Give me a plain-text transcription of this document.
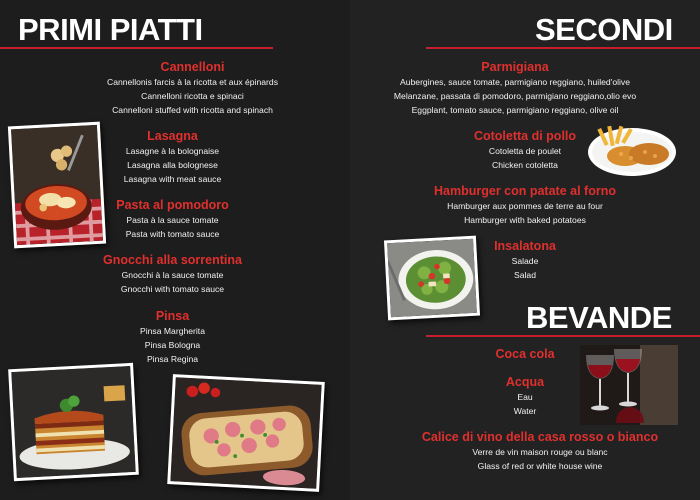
PRIMI PIATTI
Cannelloni
Cannellonis farcis à la ricotta et aux épinards
Cannelloni ricotta e spinaci
Cannelloni stuffed with ricotta and spinach
Lasagna
Lasagne à la bolognaise
Lasagna alla bolognese
Lasagna with meat sauce
Pasta al pomodoro
Pasta à la sauce tomate
Pasta with tomato sauce
Gnocchi alla sorrentina
Gnocchi à la sauce tomate
Gnocchi with tomato sauce
Pinsa
Pinsa Margherita
Pinsa Bologna
Pinsa Regina
SECONDI
Parmigiana
Aubergines, sauce tomate, parmigiano reggiano, huiled'olive
Melanzane, passata di pomodoro, parmigiano reggiano,olio evo
Eggplant, tomato sauce, parmigiano reggiano, olive oil
Cotoletta di pollo
Cotoletta de poulet
Chicken cotoletta
Hamburger con patate al forno
Hamburger aux pommes de terre au four
Hamburger with baked potatoes
Insalatona
Salade
Salad
BEVANDE
Coca cola
Acqua
Eau
Water
Calice di vino della casa rosso o bianco
Verre de vin maison rouge ou blanc
Glass of red or white house wine
